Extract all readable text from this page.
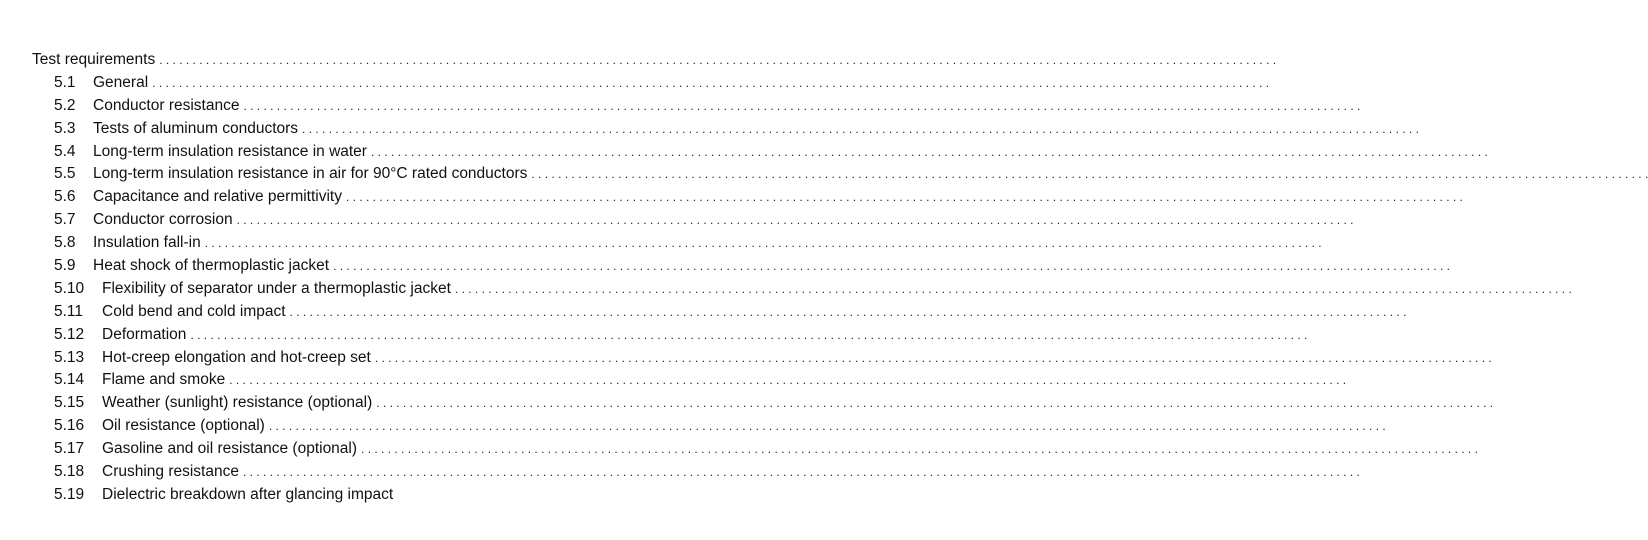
Test requirements
. . .
5.1	General
. . .
5.2	Conductor resistance
. . .
5.3	Tests of aluminum conductors
. . .
5.4	Long-term insulation resistance in water
. . .
5.5	Long-term insulation resistance in air for 90°C rated conductors
. . .
5.6	Capacitance and relative permittivity
. . .
5.7	Conductor corrosion
. . .
5.8	Insulation fall-in
. . .
5.9	Heat shock of thermoplastic jacket
. . .
5.10	Flexibility of separator under a thermoplastic jacket
. . .
5.11	Cold bend and cold impact
. . .
5.12	Deformation
. . .
5.13	Hot-creep elongation and hot-creep set
. . .
5.14	Flame and smoke
. . .
5.15	Weather (sunlight) resistance (optional)
. . .
5.16	Oil resistance (optional)
. . .
5.17	Gasoline and oil resistance (optional)
. . .
5.18	Crushing resistance
. . .
5.19	Dielectric breakdown after glancing impact
